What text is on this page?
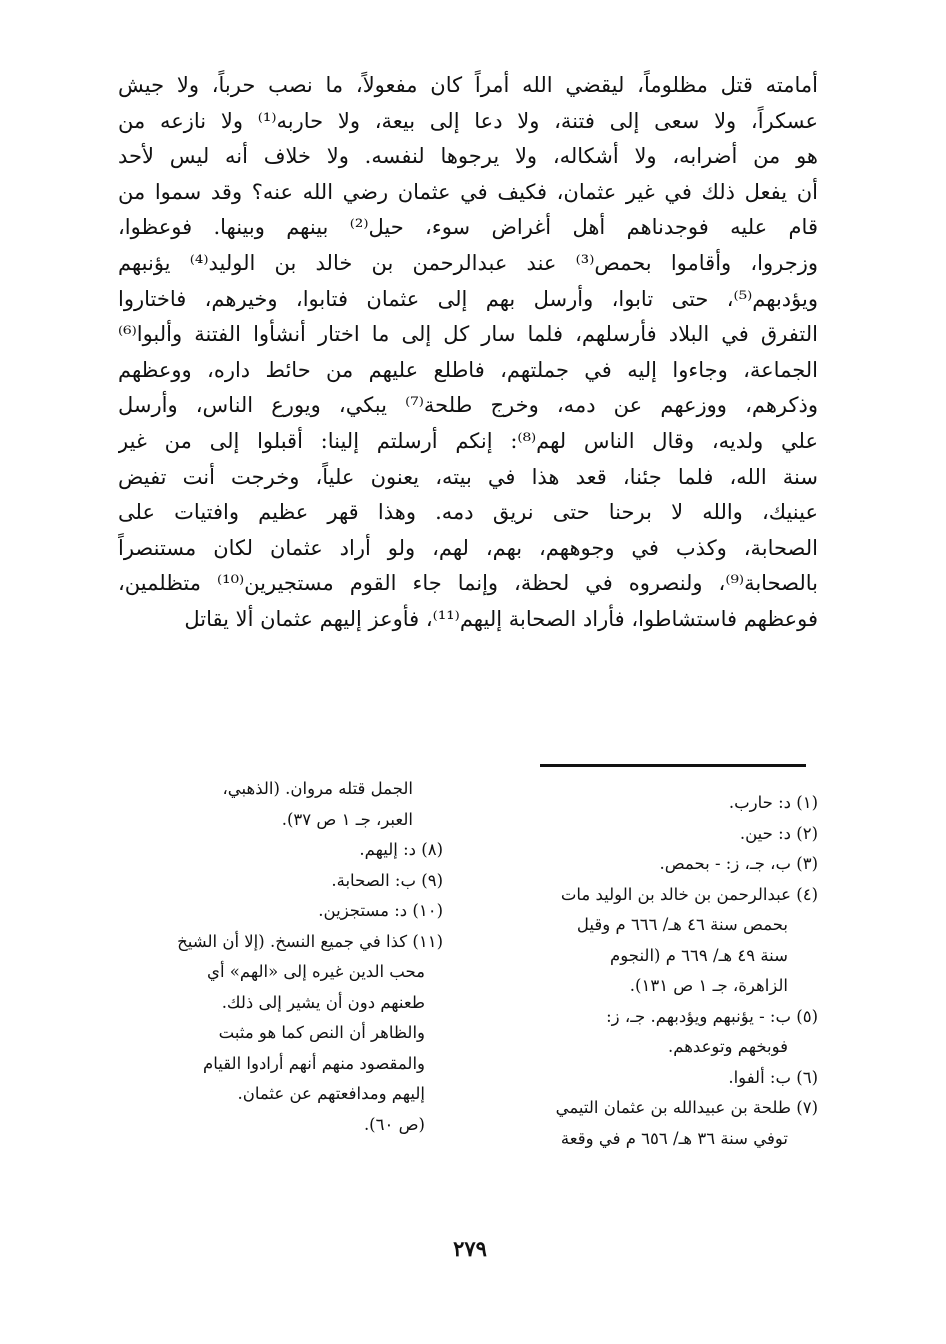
أمامته قتل مظلوماً، ليقضي الله أمراً كان مفعولاً، ما نصب حرباً، ولا جيش
عسكراً، ولا سعى إلى فتنة، ولا دعا إلى بيعة، ولا حاربه⁽¹⁾ ولا نازعه من
هو من أضرابه، ولا أشكاله، ولا يرجوها لنفسه. ولا خلاف أنه ليس لأحد
أن يفعل ذلك في غير عثمان، فكيف في عثمان رضي الله عنه؟ وقد سموا من
قام عليه فوجدناهم أهل أغراض سوء، حيل⁽²⁾ بينهم وبينها. فوعظوا،
وزجروا، وأقاموا بحمص⁽³⁾ عند عبدالرحمن بن خالد بن الوليد⁽⁴⁾ يؤنبهم
ويؤدبهم⁽⁵⁾، حتى تابوا، وأرسل بهم إلى عثمان فتابوا، وخيرهم، فاختاروا
التفرق في البلاد فأرسلهم، فلما سار كل إلى ما اختار أنشأوا الفتنة وألبوا⁽⁶⁾
الجماعة، وجاءوا إليه في جملتهم، فاطلع عليهم من حائط داره، ووعظهم
وذكرهم، ووزعهم عن دمه، وخرج طلحة⁽⁷⁾ يبكي، ويورع الناس، وأرسل
علي ولديه، وقال الناس لهم⁽⁸⁾: إنكم أرسلتم إلينا: أقبلوا إلى من غير
سنة الله، فلما جئنا، قعد هذا في بيته، يعنون علياً، وخرجت أنت تفيض
عينيك، والله لا برحنا حتى نريق دمه. وهذا قهر عظيم وافتيات على
الصحابة، وكذب في وجوههم، بهم، لهم، ولو أراد عثمان لكان مستنصراً
بالصحابة⁽⁹⁾، ولنصروه في لحظة، وإنما جاء القوم مستجيرين⁽¹⁰⁾ متظلمين،
فوعظهم فاستشاطوا، فأراد الصحابة إليهم⁽¹¹⁾، فأوعز إليهم عثمان ألا يقاتل
(١) د: حارب.
(٢) د: حين.
(٣) ب، جـ، ز: - بحمص.
(٤) عبدالرحمن بن خالد بن الوليد مات
بحمص سنة ٤٦ هـ/ ٦٦٦ م وقيل
سنة ٤٩ هـ/ ٦٦٩ م (النجوم
الزاهرة، جـ ١ ص ١٣١).
(٥) ب: - يؤنبهم ويؤدبهم. جـ، ز:
فوبخهم وتوعدهم.
(٦) ب: ألفوا.
(٧) طلحة بن عبيدالله بن عثمان التيمي
توفي سنة ٣٦ هـ/ ٦٥٦ م في وقعة
الجمل قتله مروان. (الذهبي،
العبر، جـ ١ ص ٣٧).
(٨) د: إليهم.
(٩) ب: الصحابة.
(١٠) د: مستجزين.
(١١) كذا في جميع النسخ. (إلا أن الشيخ
محب الدين غيره إلى «الهم» أي
طعنهم دون أن يشير إلى ذلك.
والظاهر أن النص كما هو مثبت
والمقصود منهم أنهم أرادوا القيام
إليهم ومدافعتهم عن عثمان.
(ص ٦٠).
٢٧٩
